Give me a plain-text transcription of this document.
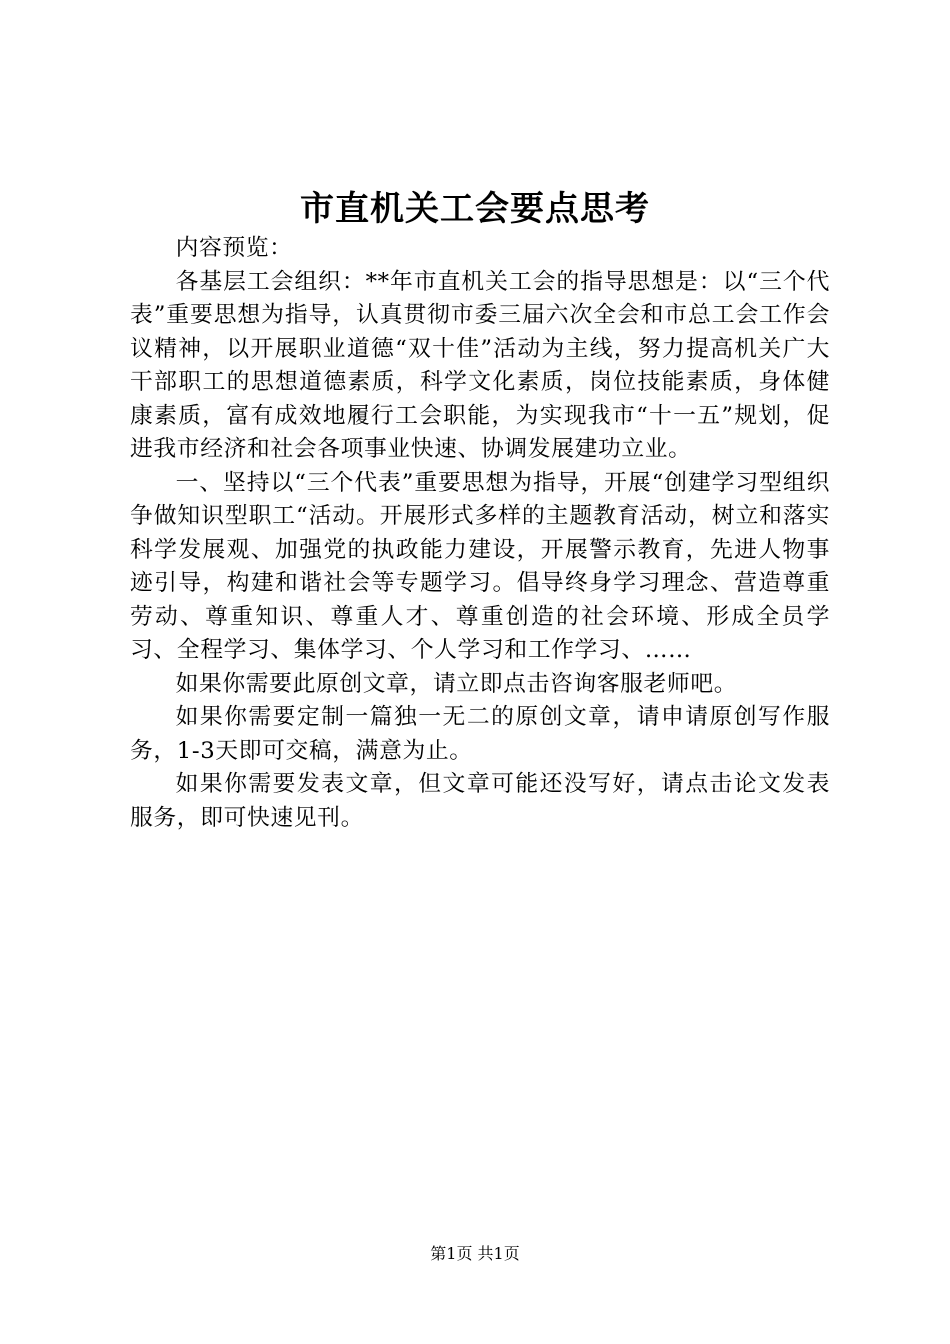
市直机关工会要点思考

内容预览：

各基层工会组织：**年市直机关工会的指导思想是：以“三个代表”重要思想为指导，认真贯彻市委三届六次全会和市总工会工作会议精神，以开展职业道德“双十佳”活动为主线，努力提高机关广大干部职工的思想道德素质，科学文化素质，岗位技能素质，身体健康素质，富有成效地履行工会职能，为实现我市“十一五”规划，促进我市经济和社会各项事业快速、协调发展建功立业。

一、坚持以“三个代表”重要思想为指导，开展“创建学习型组织争做知识型职工“活动。开展形式多样的主题教育活动，树立和落实科学发展观、加强党的执政能力建设，开展警示教育，先进人物事迹引导，构建和谐社会等专题学习。倡导终身学习理念、营造尊重劳动、尊重知识、尊重人才、尊重创造的社会环境、形成全员学习、全程学习、集体学习、个人学习和工作学习、……

如果你需要此原创文章，请立即点击咨询客服老师吧。

如果你需要定制一篇独一无二的原创文章，请申请原创写作服务，1-3天即可交稿，满意为止。

如果你需要发表文章，但文章可能还没写好，请点击论文发表服务，即可快速见刊。

第1页 共1页
